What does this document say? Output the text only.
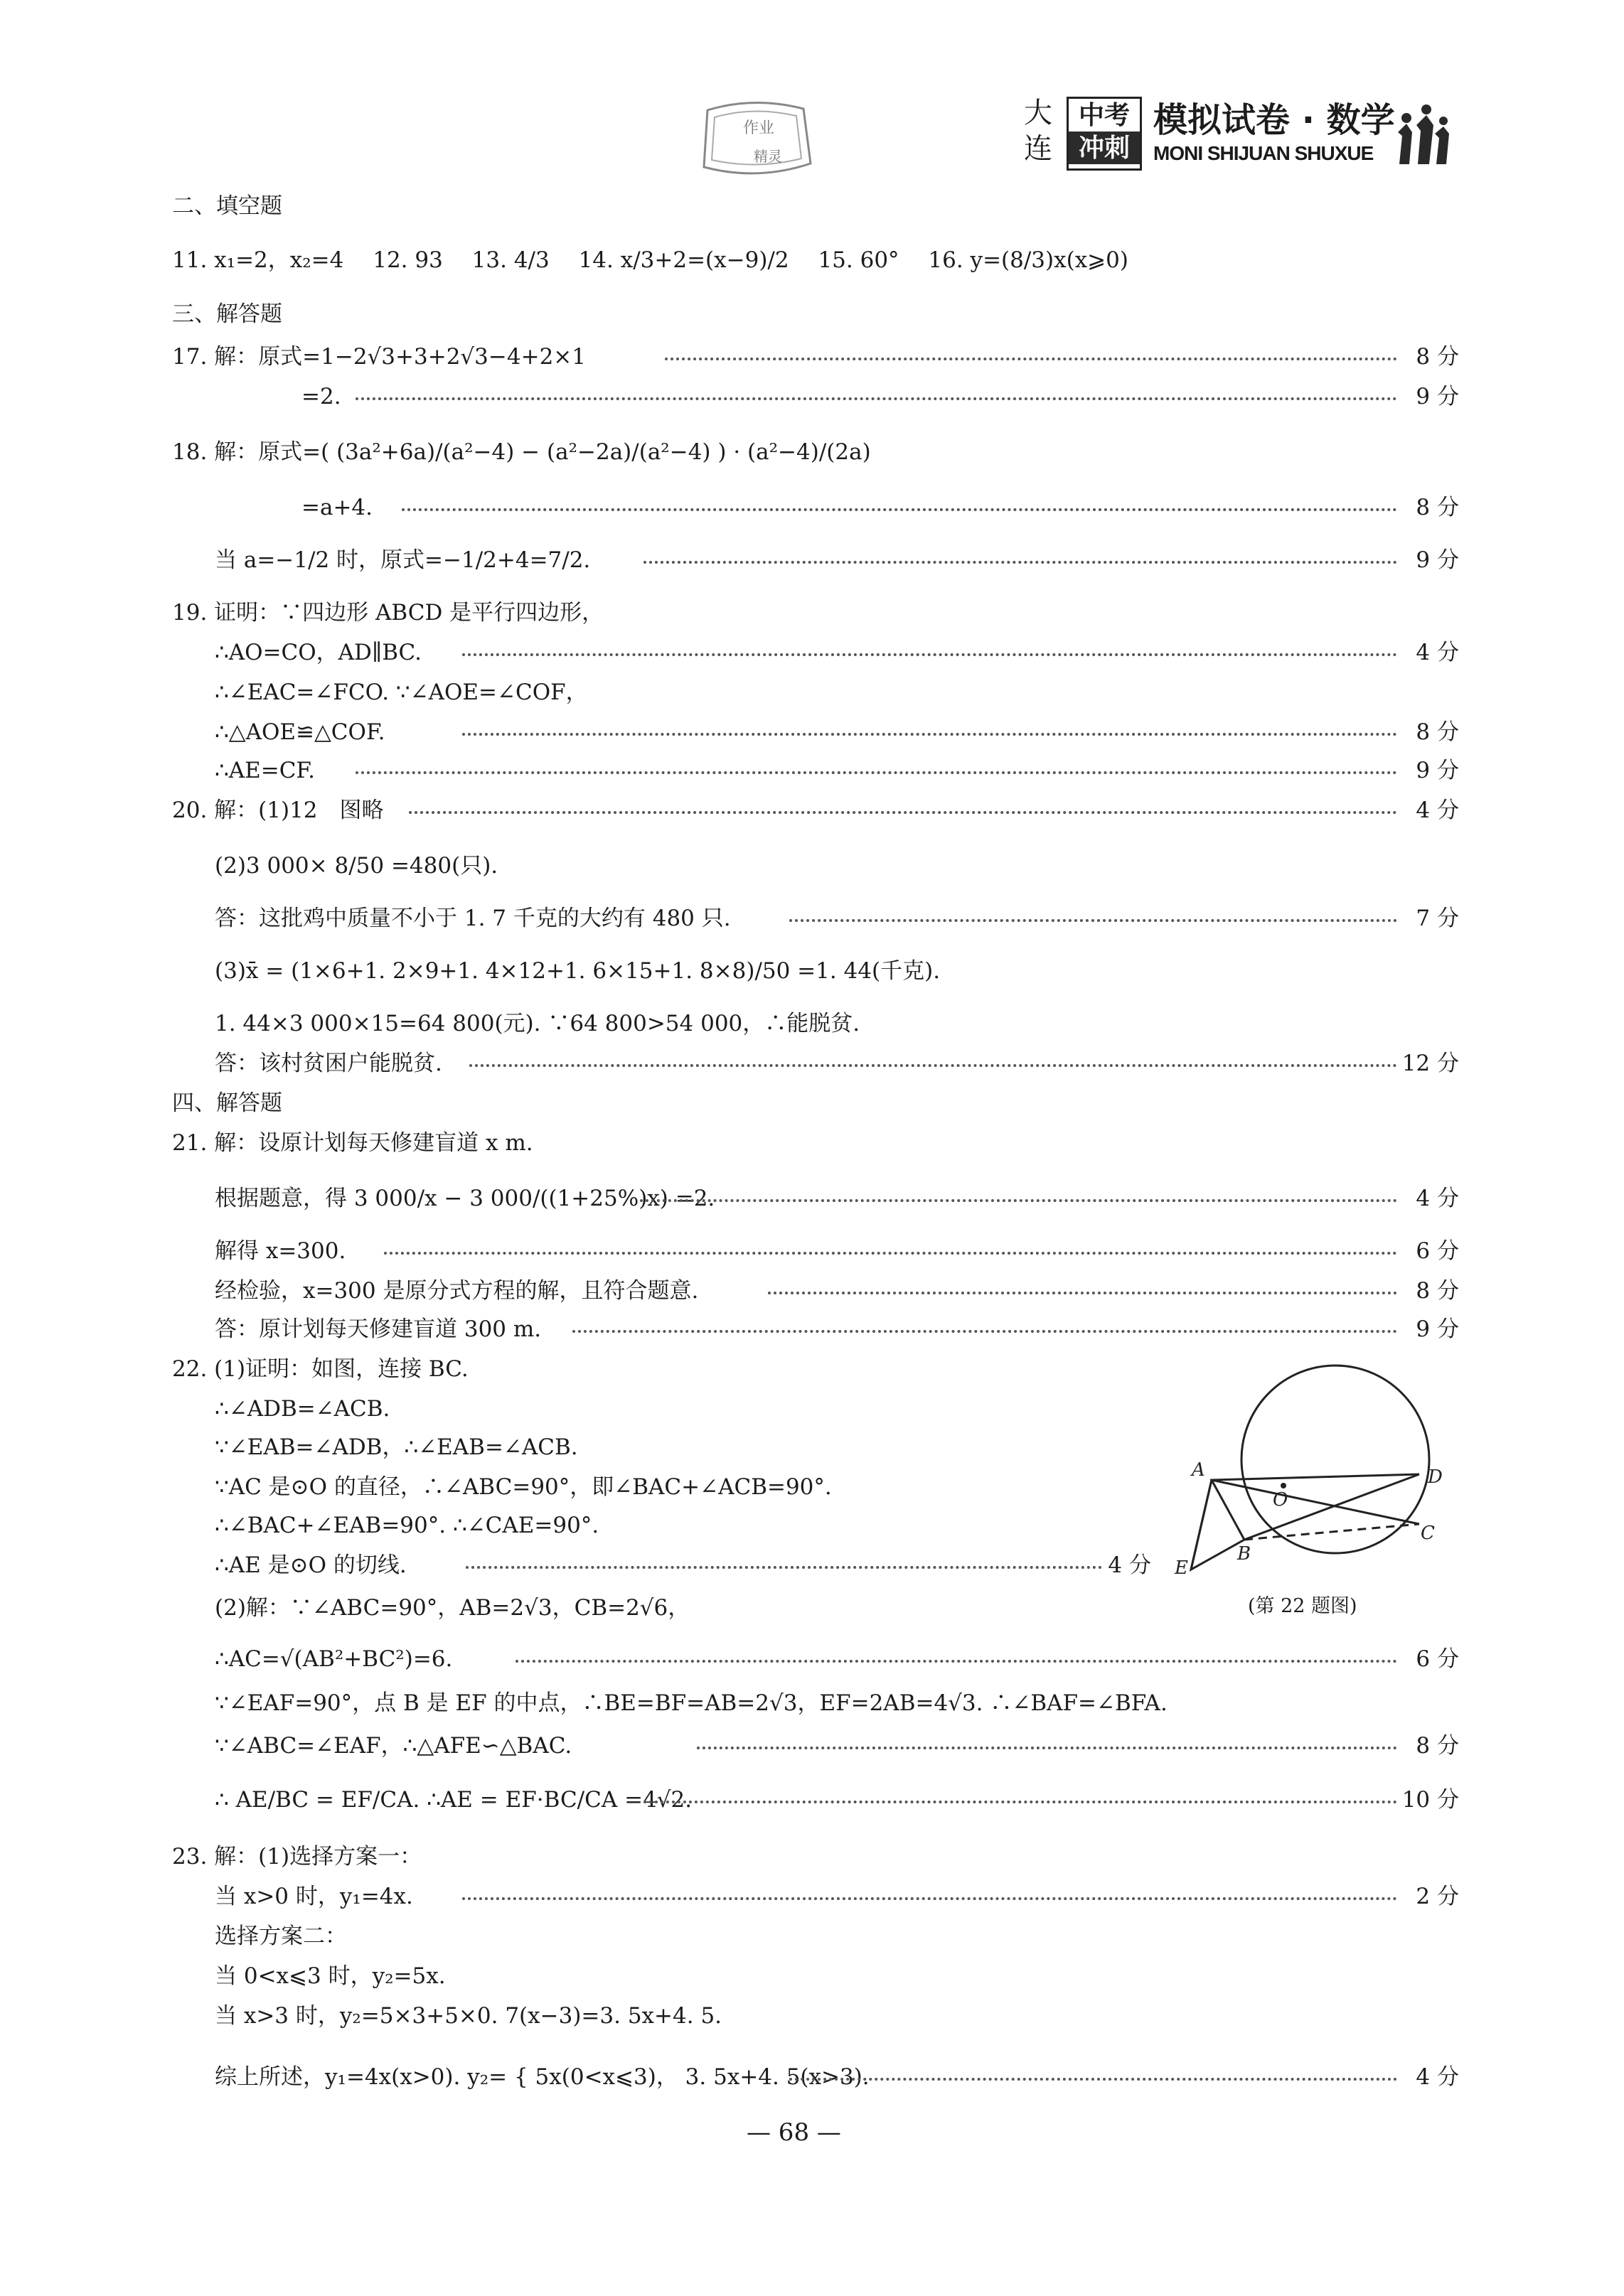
作业
精灵
大
连
中考
冲刺
模拟试卷 · 数学
MONI SHIJUAN SHUXUE
二、填空题
11. x₁=2，x₂=4　 12. 93　 13. 4/3　 14. x/3+2=(x−9)/2　 15. 60°　 16. y=(8/3)x(x⩾0)
三、解答题
17. 解：原式=1−2√3+3+2√3−4+2×1	8 分
=2.	9 分
18. 解：原式=( (3a²+6a)/(a²−4) − (a²−2a)/(a²−4) ) · (a²−4)/(2a)
=a+4.	8 分
当 a=−1/2 时，原式=−1/2+4=7/2.	9 分
19. 证明：∵四边形 ABCD 是平行四边形，
∴AO=CO，AD∥BC.	4 分
∴∠EAC=∠FCO. ∵∠AOE=∠COF，
∴△AOE≌△COF.	8 分
∴AE=CF.	9 分
20. 解：(1)12　图略	4 分
(2)3 000× 8/50 =480(只).
答：这批鸡中质量不小于 1. 7 千克的大约有 480 只.	7 分
(3)x̄ = (1×6+1. 2×9+1. 4×12+1. 6×15+1. 8×8)/50 =1. 44(千克).
1. 44×3 000×15=64 800(元). ∵64 800>54 000，∴能脱贫.
答：该村贫困户能脱贫.	12 分
四、解答题
21. 解：设原计划每天修建盲道 x m.
根据题意，得 3 000/x − 3 000/((1+25%)x) =2.	4 分
解得 x=300.	6 分
经检验，x=300 是原分式方程的解，且符合题意.	8 分
答：原计划每天修建盲道 300 m.	9 分
22. (1)证明：如图，连接 BC.
∴∠ADB=∠ACB.
∵∠EAB=∠ADB，∴∠EAB=∠ACB.
∵AC 是⊙O 的直径，∴∠ABC=90°，即∠BAC+∠ACB=90°.
∴∠BAC+∠EAB=90°. ∴∠CAE=90°.
∴AE 是⊙O 的切线.	4 分
A	D
O
C
B
E
(第 22 题图)
(2)解：∵∠ABC=90°，AB=2√3，CB=2√6，
∴AC=√(AB²+BC²)=6.	6 分
∵∠EAF=90°，点 B 是 EF 的中点，∴BE=BF=AB=2√3，EF=2AB=4√3. ∴∠BAF=∠BFA.
∵∠ABC=∠EAF，∴△AFE∽△BAC.	8 分
∴ AE/BC = EF/CA. ∴AE = EF·BC/CA =4√2.	10 分
23. 解：(1)选择方案一：
当 x>0 时，y₁=4x.	2 分
选择方案二：
当 0<x⩽3 时，y₂=5x.
当 x>3 时，y₂=5×3+5×0. 7(x−3)=3. 5x+4. 5.
综上所述，y₁=4x(x>0). y₂= { 5x(0<x⩽3)， 3. 5x+4. 5(x>3).	4 分
— 68 —
